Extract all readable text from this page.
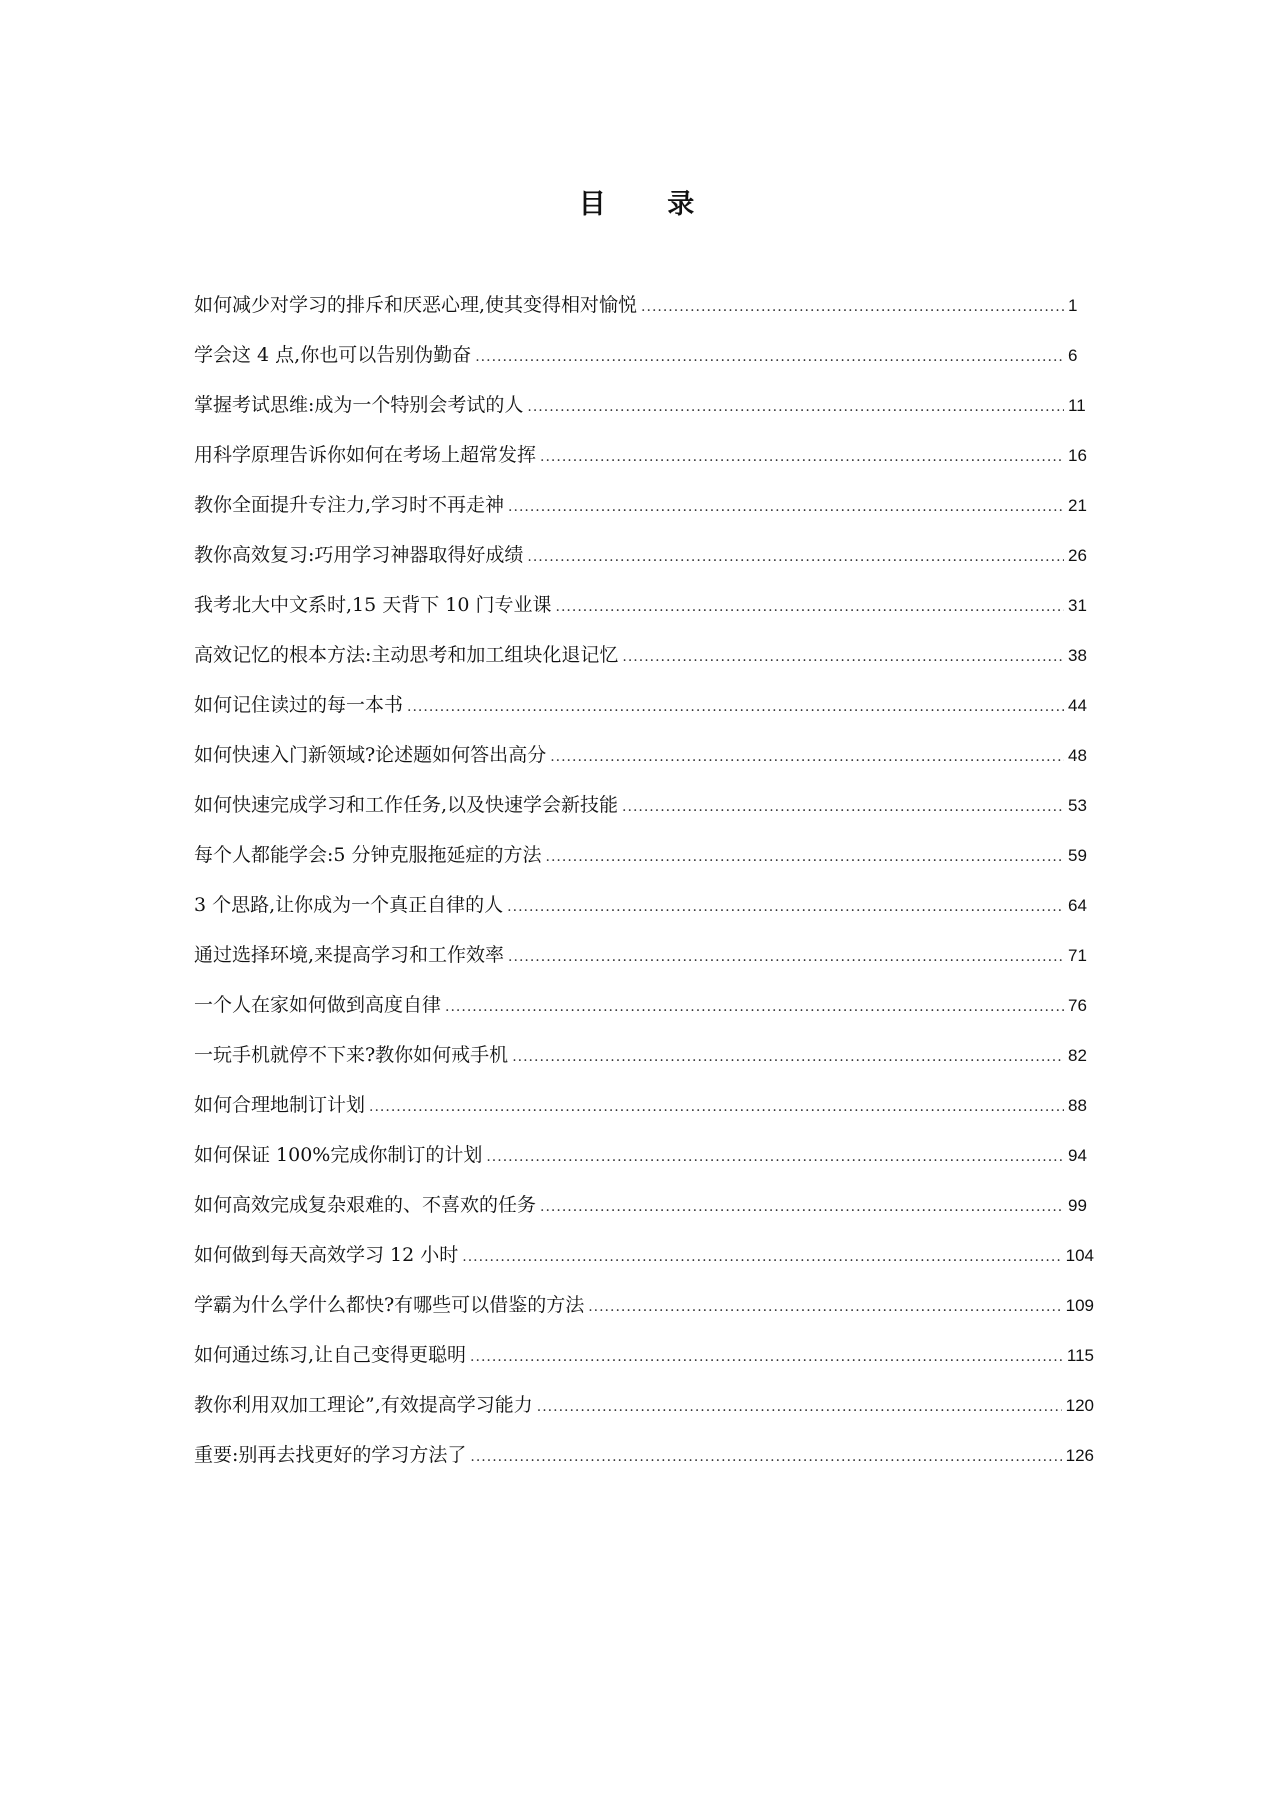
目 录
如何减少对学习的排斥和厌恶心理,使其变得相对愉悦 .....	1
学会这 4 点,你也可以告别伪勤奋 .....	6
掌握考试思维:成为一个特别会考试的人 .....	11
用科学原理告诉你如何在考场上超常发挥 .....	16
教你全面提升专注力,学习时不再走神 .....	21
教你高效复习:巧用学习神器取得好成绩 .....	26
我考北大中文系时,15 天背下 10 门专业课 .....	31
高效记忆的根本方法:主动思考和加工组块化退记忆 .....	38
如何记住读过的每一本书 .....	44
如何快速入门新领域?论述题如何答出高分 .....	48
如何快速完成学习和工作任务,以及快速学会新技能 .....	53
每个人都能学会:5 分钟克服拖延症的方法 .....	59
3 个思路,让你成为一个真正自律的人 .....	64
通过选择环境,来提高学习和工作效率 .....	71
一个人在家如何做到高度自律 .....	76
一玩手机就停不下来?教你如何戒手机 .....	82
如何合理地制订计划 .....	88
如何保证 100%完成你制订的计划 .....	94
如何高效完成复杂艰难的、不喜欢的任务 .....	99
如何做到每天高效学习 12 小时 .....	104
学霸为什么学什么都快?有哪些可以借鉴的方法 .....	109
如何通过练习,让自己变得更聪明 .....	115
教你利用双加工理论”,有效提高学习能力 .....	120
重要:别再去找更好的学习方法了 .....	126
